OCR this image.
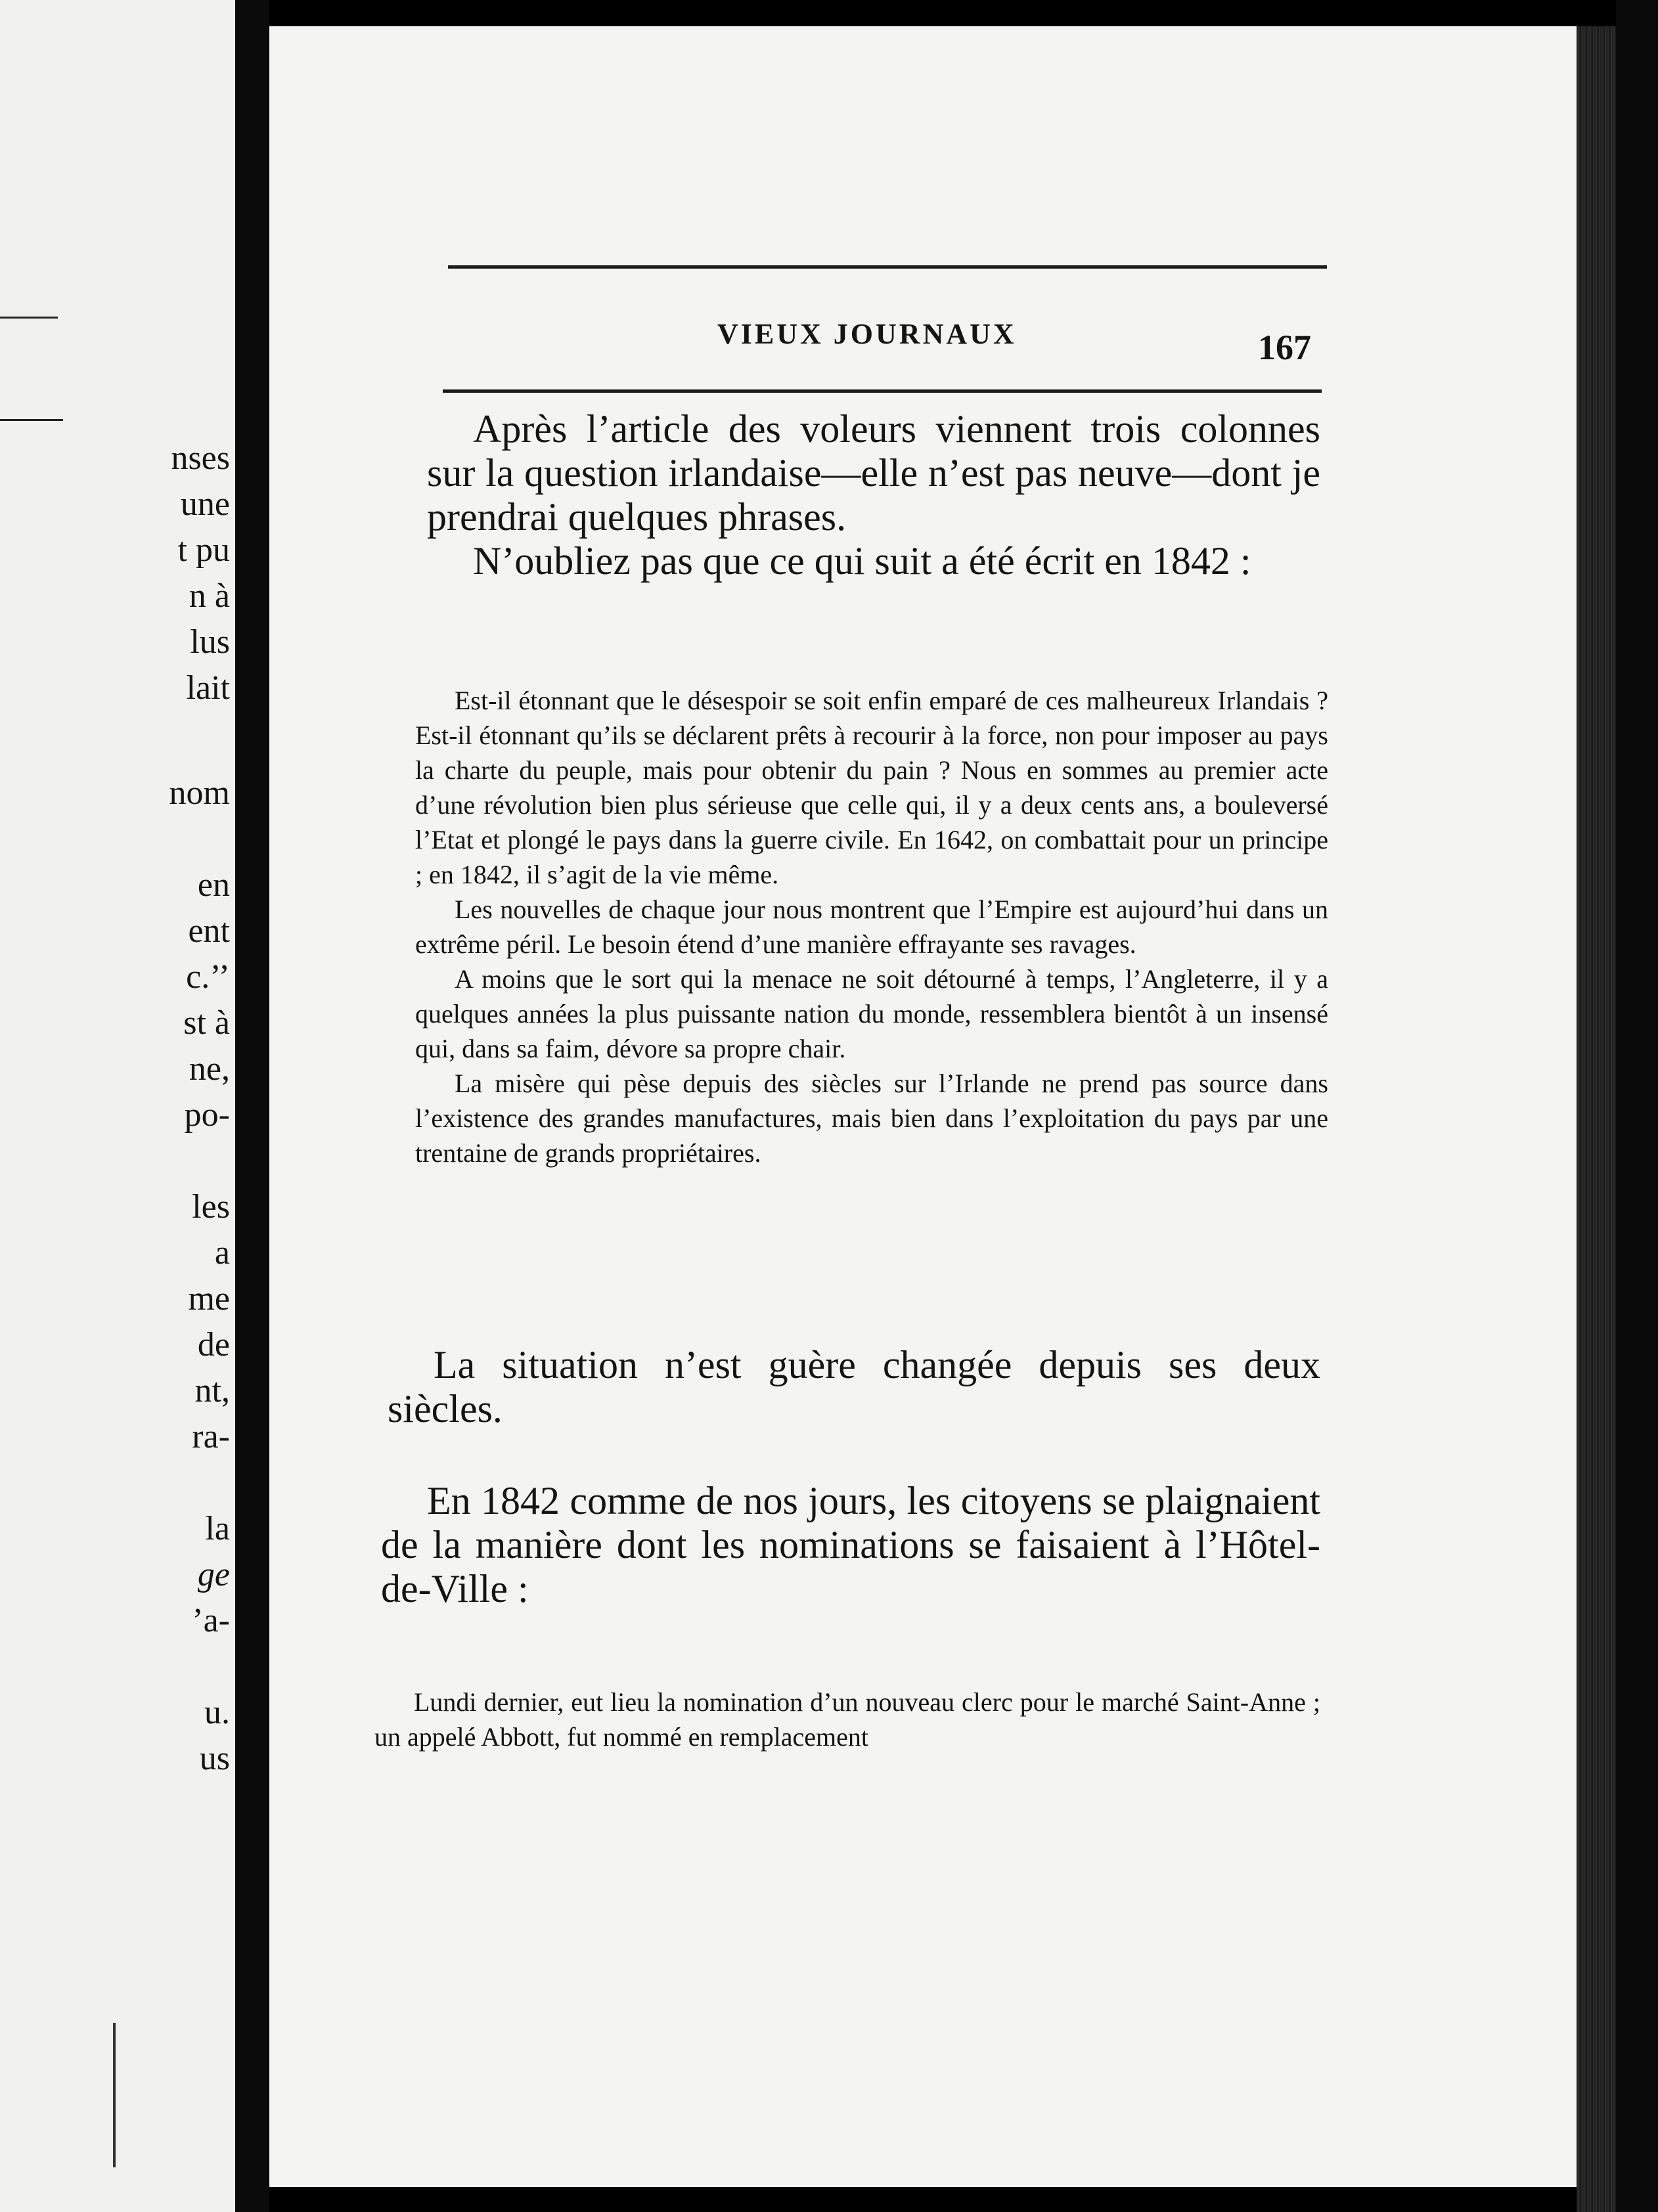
nses
une
t pu
n à
lus
lait
nom
en
ent
c.’’
st à
ne,
po-
les
a
me
de
nt,
ra-
la
ge
’a-
u.
us
VIEUX JOURNAUX	167

Après l’article des voleurs viennent trois colonnes sur la question irlandaise—elle n’est pas neuve—dont je prendrai quelques phrases.

N’oubliez pas que ce qui suit a été écrit en 1842 :

Est-il étonnant que le désespoir se soit enfin emparé de ces malheureux Irlandais ? Est-il étonnant qu’ils se déclarent prêts à recourir à la force, non pour imposer au pays la charte du peuple, mais pour obtenir du pain ? Nous en sommes au premier acte d’une révolution bien plus sérieuse que celle qui, il y a deux cents ans, a bouleversé l’Etat et plongé le pays dans la guerre civile. En 1642, on combattait pour un principe ; en 1842, il s’agit de la vie même.

Les nouvelles de chaque jour nous montrent que l’Empire est aujourd’hui dans un extrême péril. Le besoin étend d’une manière effrayante ses ravages.

A moins que le sort qui la menace ne soit détourné à temps, l’Angleterre, il y a quelques années la plus puissante nation du monde, ressemblera bientôt à un insensé qui, dans sa faim, dévore sa propre chair.

La misère qui pèse depuis des siècles sur l’Irlande ne prend pas source dans l’existence des grandes manufactures, mais bien dans l’exploitation du pays par une trentaine de grands propriétaires.

La situation n’est guère changée depuis ses deux siècles.

En 1842 comme de nos jours, les citoyens se plaignaient de la manière dont les nominations se faisaient à l’Hôtel-de-Ville :

Lundi dernier, eut lieu la nomination d’un nouveau clerc pour le marché Saint-Anne ; un appelé Abbott, fut nommé en remplacement
